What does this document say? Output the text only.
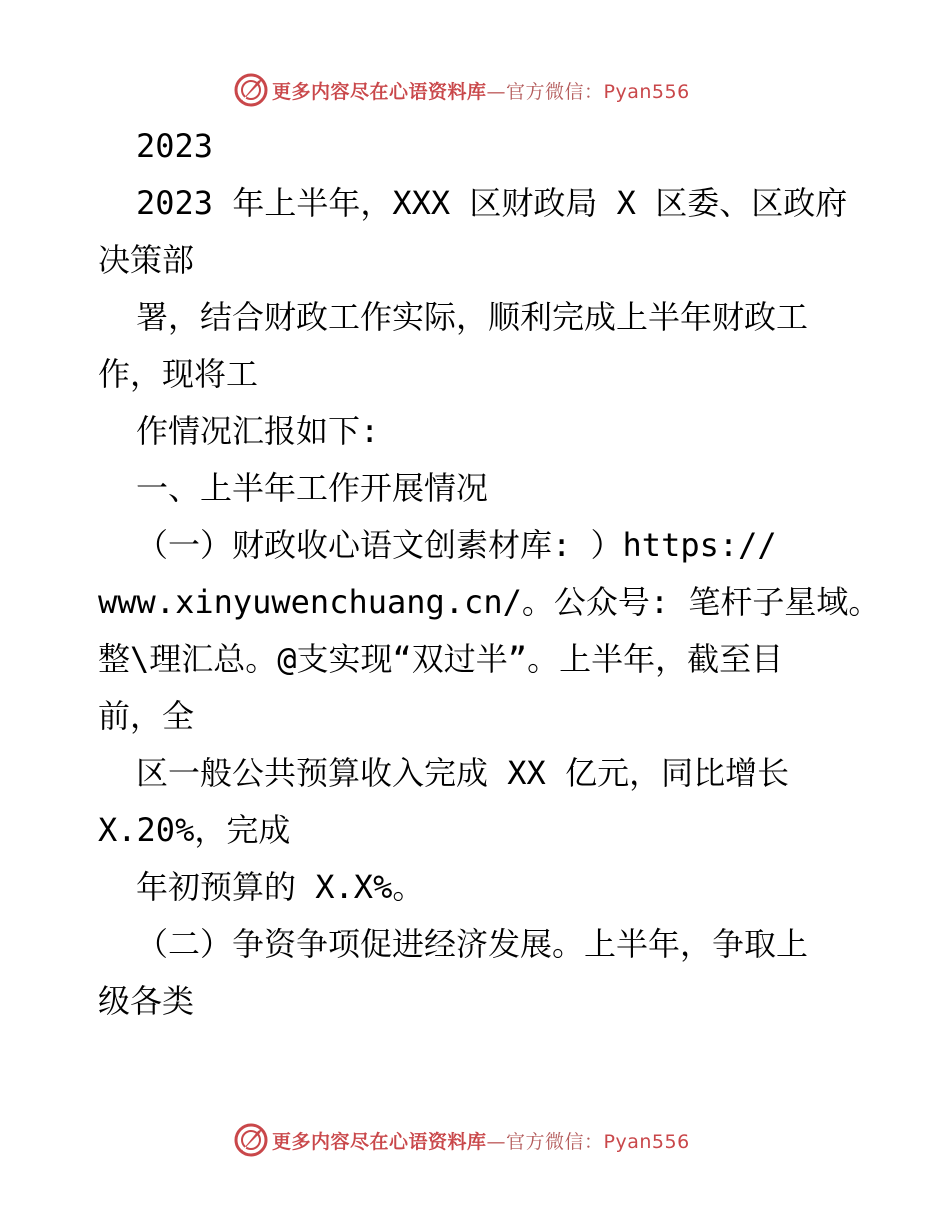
更多内容尽在心语资料库—官方微信：Pyan556
2023
2023 年上半年，XXX 区财政局 X 区委、区政府
决策部
署，结合财政工作实际，顺利完成上半年财政工
作，现将工
作情况汇报如下:
一、上半年工作开展情况
（一）财政收心语文创素材库: ）https://
www.xinyuwenchuang.cn/。公众号: 笔杆子星域。
整\理汇总。@支实现“双过半”。上半年，截至目
前，全
区一般公共预算收入完成 XX 亿元，同比增长
X.20%，完成
年初预算的 X.X%。
（二）争资争项促进经济发展。上半年，争取上
级各类
更多内容尽在心语资料库—官方微信：Pyan556
